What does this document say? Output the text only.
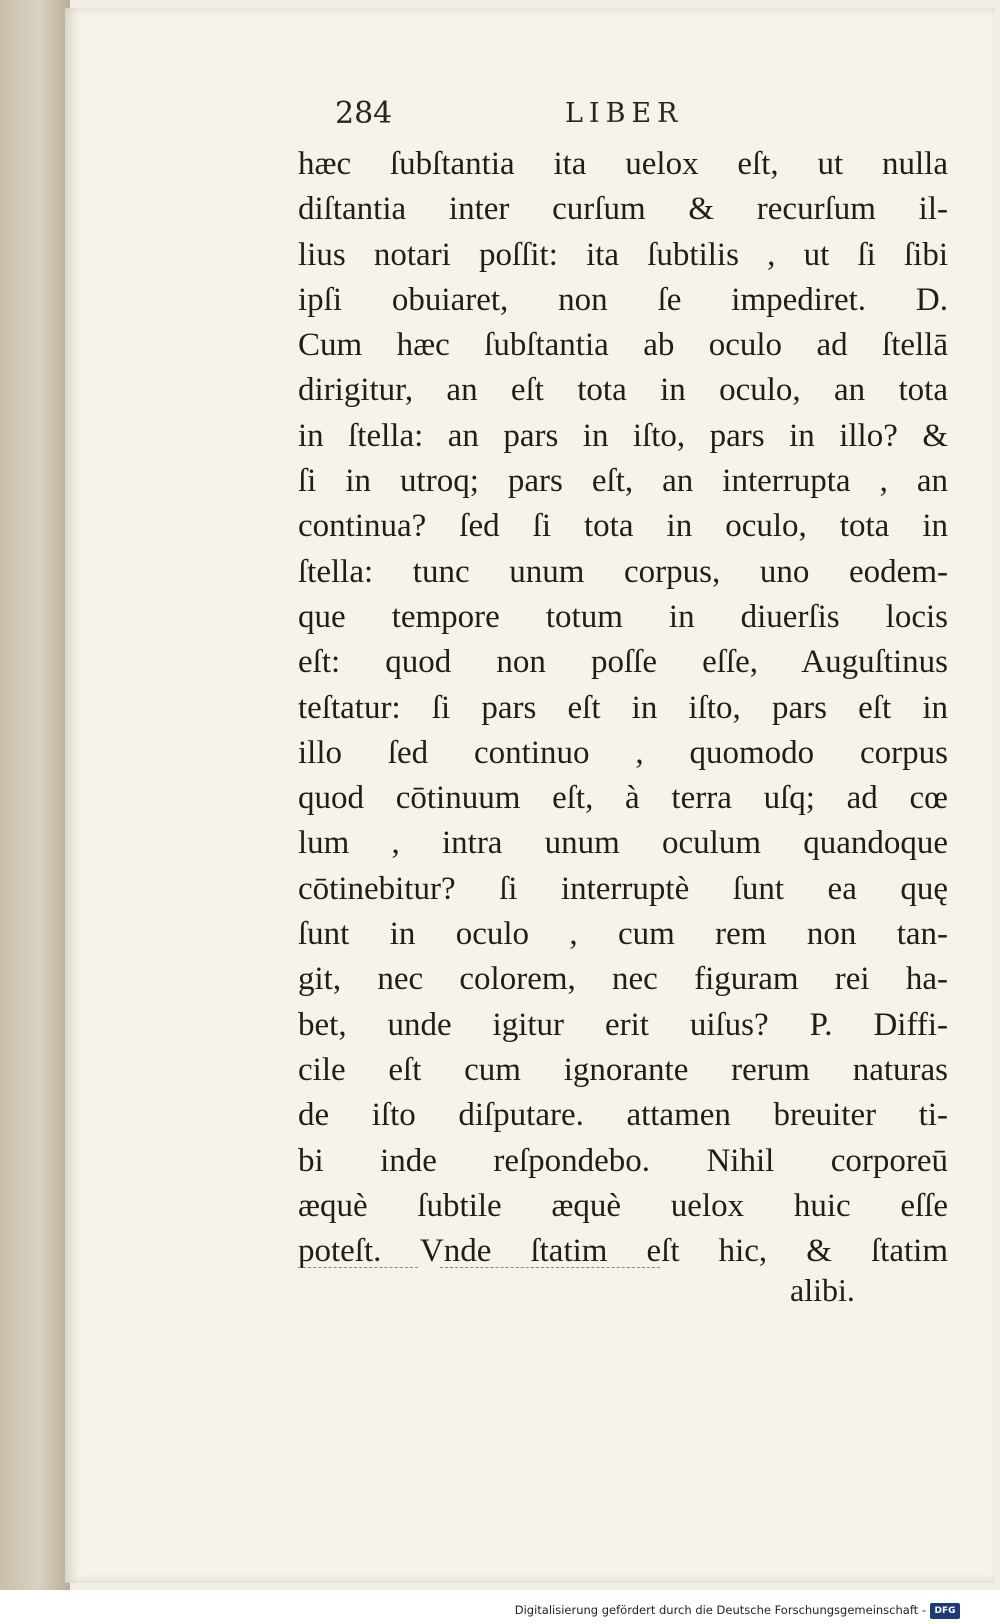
284	LIBER
hæc ſubſtantia ita uelox eſt, ut nulla
diſtantia inter curſum & recurſum il-
lius notari poſſit: ita ſubtilis , ut ſi ſibi
ipſi obuiaret, non ſe impediret. D.
Cum hæc ſubſtantia ab oculo ad ſtellā
dirigitur, an eſt tota in oculo, an tota
in ſtella: an pars in iſto, pars in illo? &
ſi in utroq; pars eſt, an interrupta , an
continua? ſed ſi tota in oculo, tota in
ſtella: tunc unum corpus, uno eodem-
que tempore totum in diuerſis locis
eſt: quod non poſſe eſſe, Auguſtinus
teſtatur: ſi pars eſt in iſto, pars eſt in
illo ſed continuo , quomodo corpus
quod cōtinuum eſt, à terra uſq; ad cœ
lum , intra unum oculum quandoque
cōtinebitur? ſi interruptè ſunt ea quę
ſunt in oculo , cum rem non tan-
git, nec colorem, nec figuram rei ha-
bet, unde igitur erit uiſus? P. Diffi-
cile eſt cum ignorante rerum naturas
de iſto diſputare. attamen breuiter ti-
bi inde reſpondebo. Nihil corporeū
æquè ſubtile æquè uelox huic eſſe
poteſt. Vnde ſtatim eſt hic, & ſtatim
alibi.
Digitalisierung gefördert durch die Deutsche Forschungsgemeinschaft - DFG
